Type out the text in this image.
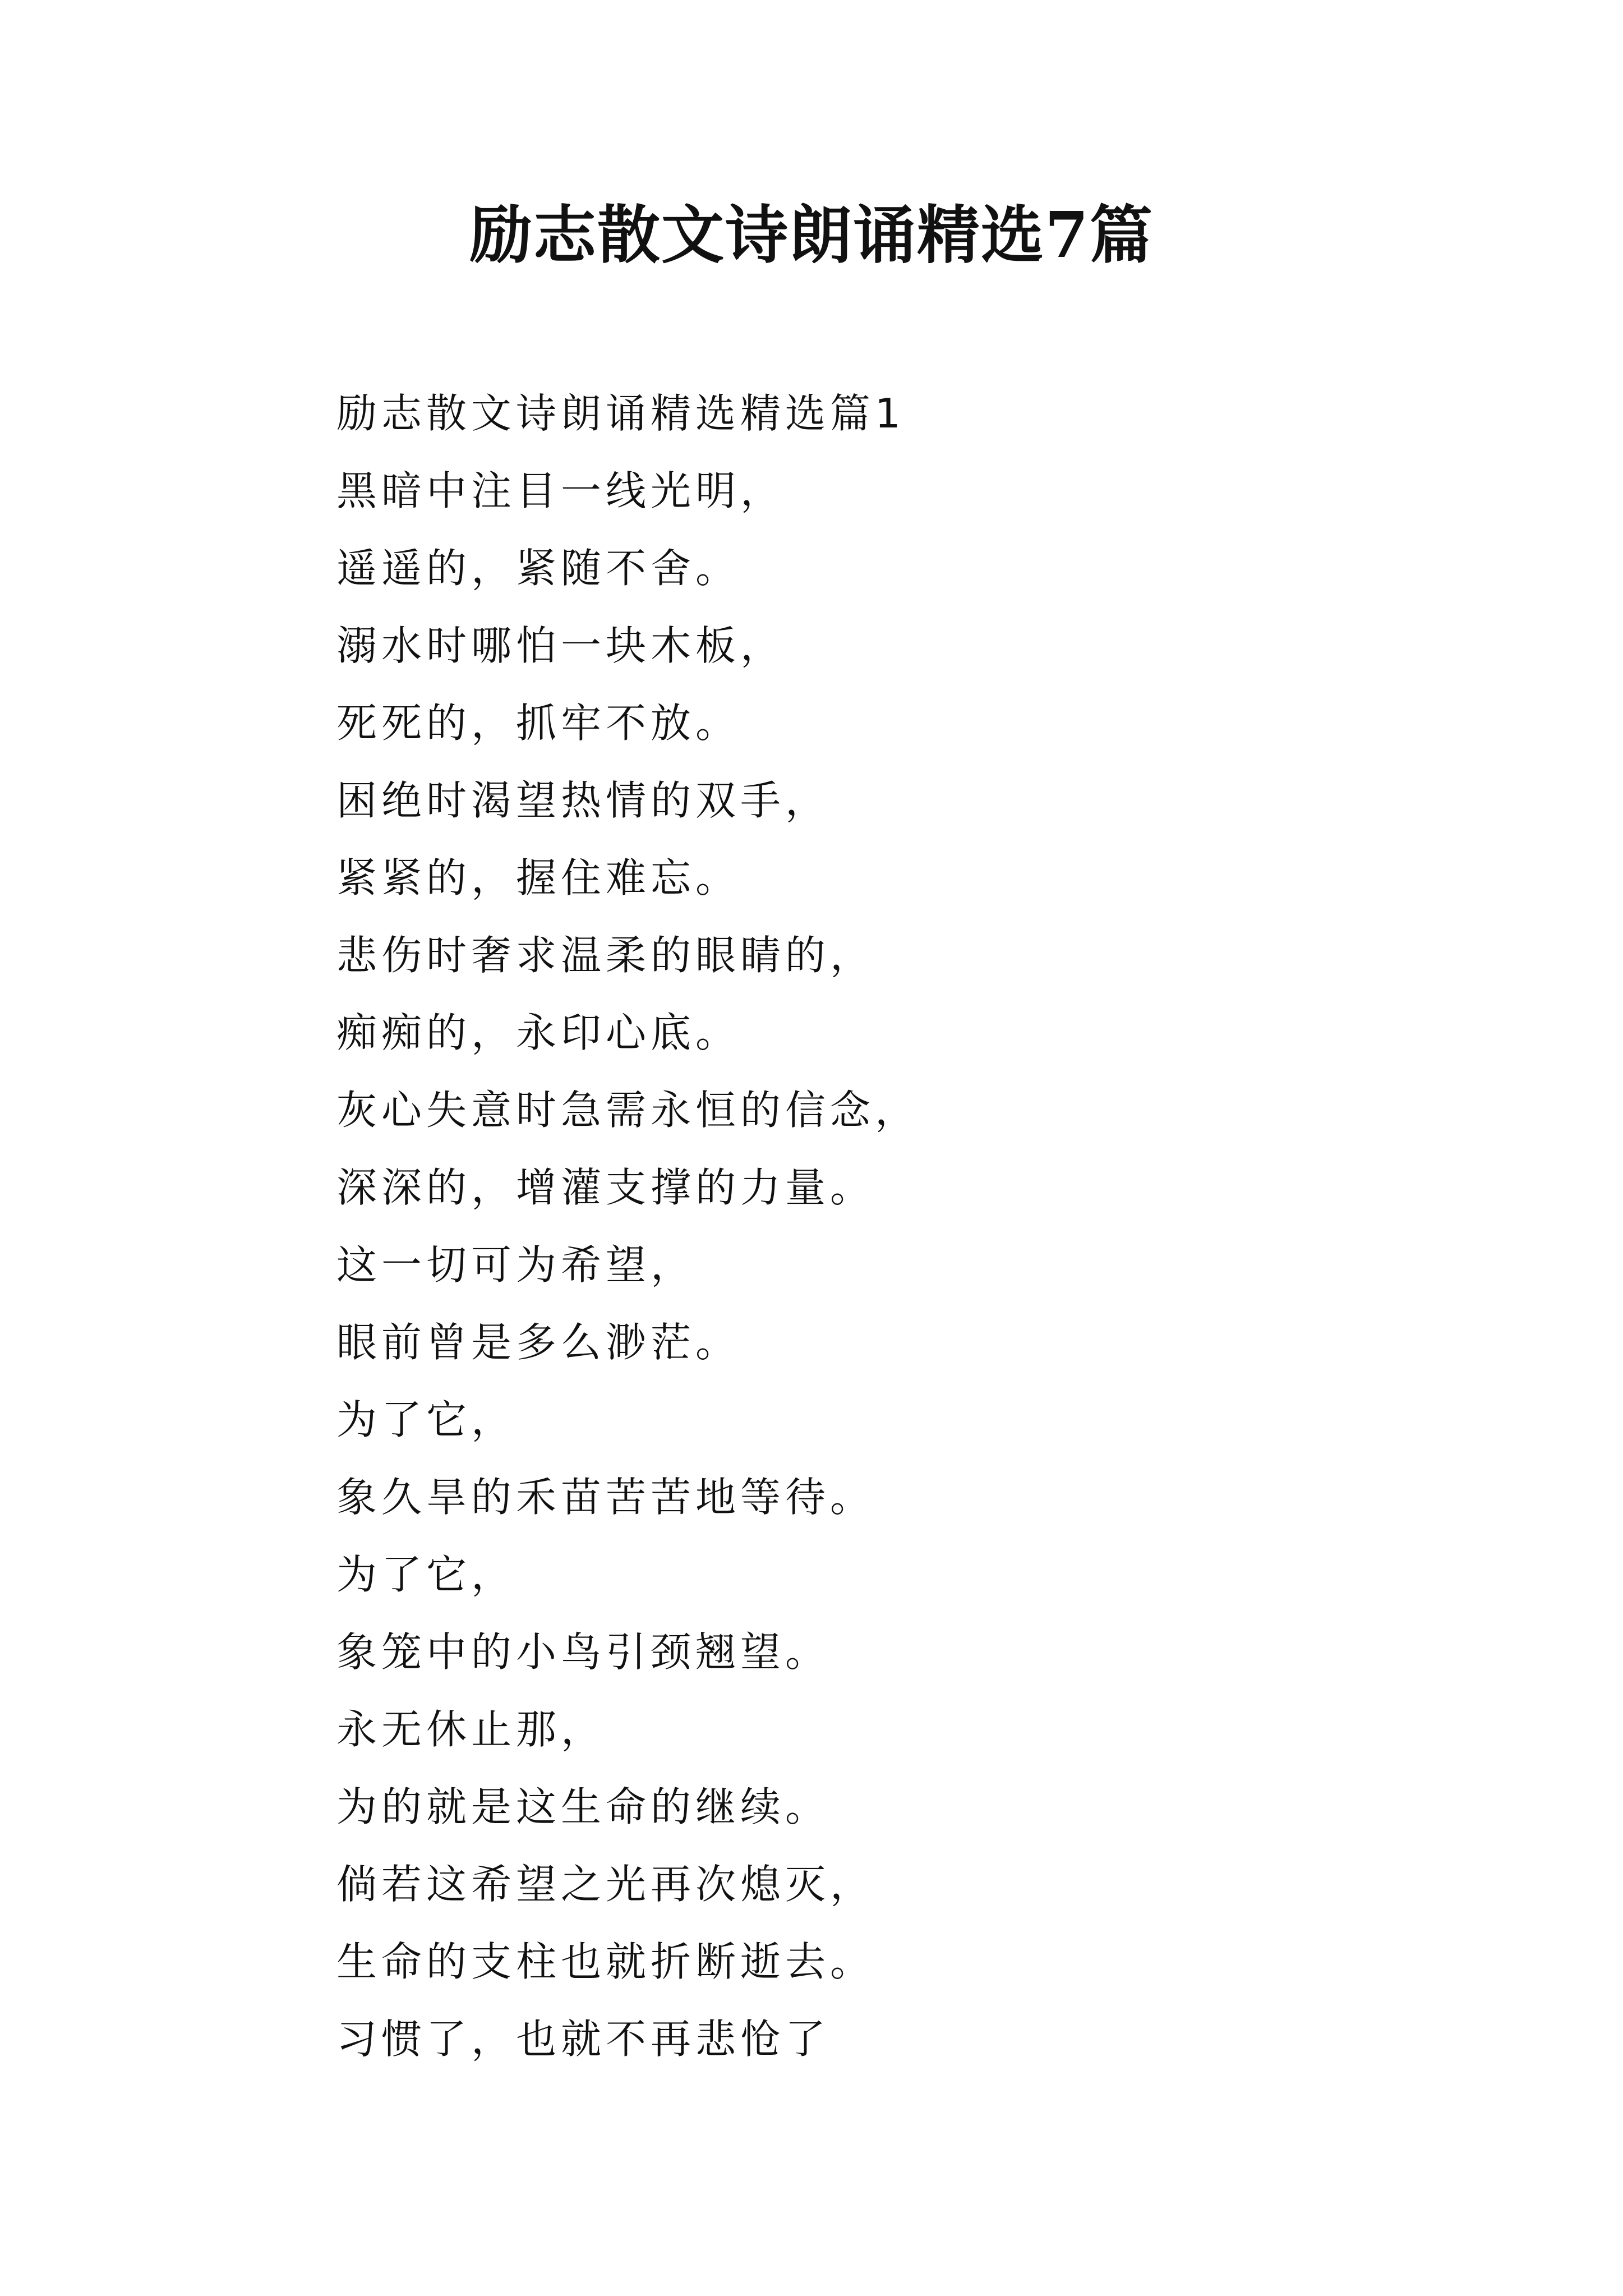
励志散文诗朗诵精选7篇
励志散文诗朗诵精选精选篇1
黑暗中注目一线光明，
遥遥的，紧随不舍。
溺水时哪怕一块木板，
死死的，抓牢不放。
困绝时渴望热情的双手，
紧紧的，握住难忘。
悲伤时奢求温柔的眼睛的，
痴痴的，永印心底。
灰心失意时急需永恒的信念，
深深的，增灌支撑的力量。
这一切可为希望，
眼前曾是多么渺茫。
为了它，
象久旱的禾苗苦苦地等待。
为了它，
象笼中的小鸟引颈翘望。
永无休止那，
为的就是这生命的继续。
倘若这希望之光再次熄灭，
生命的支柱也就折断逝去。
习惯了，也就不再悲怆了
